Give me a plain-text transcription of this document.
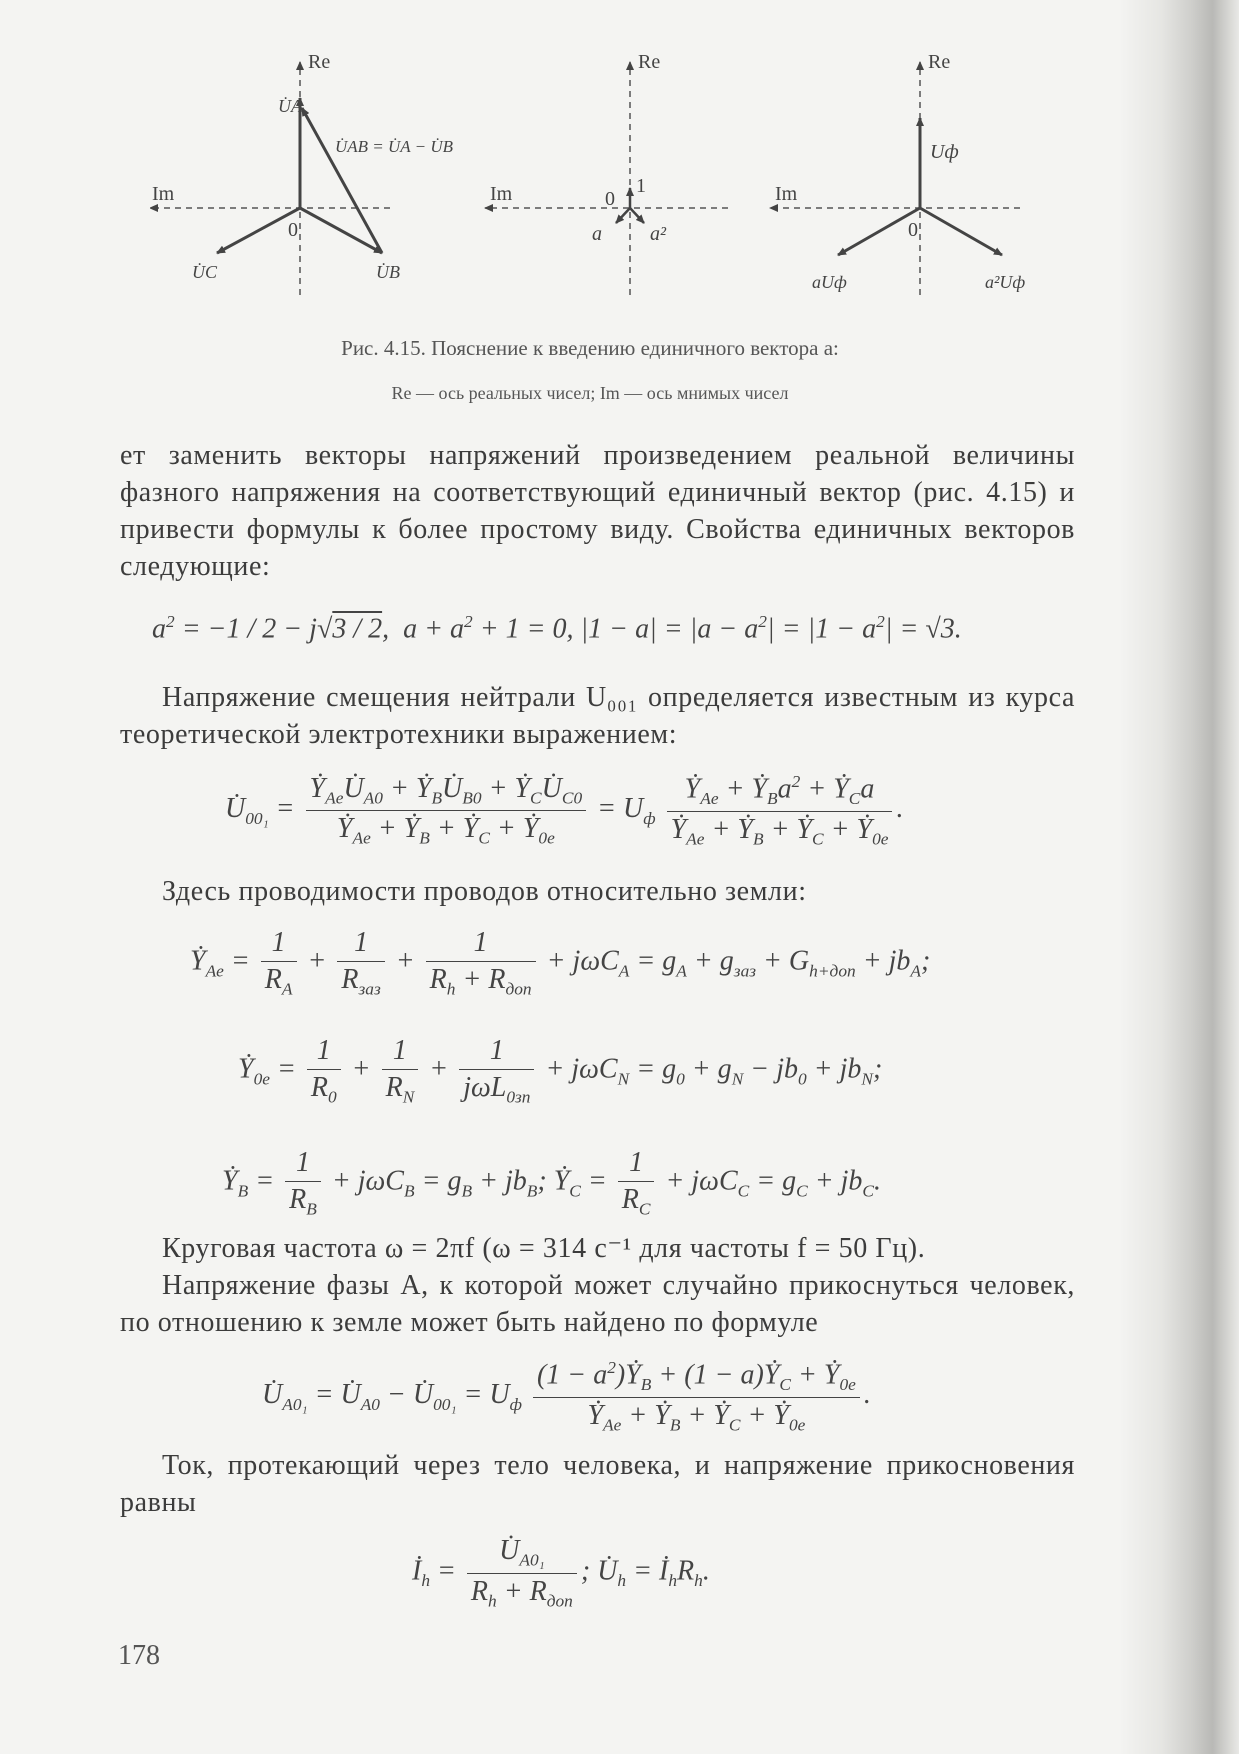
Re
Im
0
U̇A
U̇AB = U̇A − U̇B
U̇C	U̇B
Re
Im	0
1
a a²
Re
Im
0
Uф
aUф	a²Uф
Рис. 4.15. Пояснение к введению единичного вектора a:
Re — ось реальных чисел; Im — ось мнимых чисел
ет заменить векторы напряжений произведением реальной величины фазного напряжения на соответствующий единичный вектор (рис. 4.15) и привести формулы к более простому виду. Свойства единичных векторов следующие:
$a^2 = -1 / 2 - j√3 / 2$,  $a + a^2 + 1 = 0$, $|1 - a| = |a - a^2| = |1 - a^2| = √3$.
Напряжение смещения нейтрали U₀₀₁ определяется известным из курса теоретической электротехники выражением:
$U̇_{00_1} = \frac{Ẏ_{Ae}U̇_{A0} + Ẏ_BU̇_{B0} + Ẏ_CU̇_{C0}}{Ẏ_{Ae} + Ẏ_B + Ẏ_C + Ẏ_{0e}} = U_ф \frac{Ẏ_{Ae} + Ẏ_Ba^2 + Ẏ_Ca}{Ẏ_{Ae} + Ẏ_B + Ẏ_C + Ẏ_{0e}}$ .
Здесь проводимости проводов относительно земли:
Ẏ$_{Ae}$ = $\frac{1}{R_A} + \frac{1}{R_{зaз}} + \frac{1}{R_h + R_{доп}} + j\omega C_A = g_A + g_{зaз} + G_{h+доп} + jb_A$;
Ẏ$_{0e}$ = $\frac{1}{R_0} + \frac{1}{R_N} + \frac{1}{j\omega L_{0зп}} + j\omega C_N = g_0 + g_N - jb_0 + jb_N$;
Ẏ$_B$ = $\frac{1}{R_B} + j\omega C_B = g_B + jb_B$; Ẏ$_C$ = $\frac{1}{R_C} + j\omega C_C = g_C + jb_C$.
Круговая частота ω = 2πf (ω = 314 с⁻¹ для частоты f = 50 Гц).
Напряжение фазы A, к которой может случайно прикоснуться человек, по отношению к земле может быть найдено по формуле
$U̇_{A0_1}$ = $U̇_{A0}$ − $U̇_{00_1} = U_ф \frac{(1 - a^2)Ẏ_B + (1 - a)Ẏ_C + Ẏ_{0e}}{Ẏ_{Ae} + Ẏ_B + Ẏ_C + Ẏ_{0e}}$ .
Ток, протекающий через тело человека, и напряжение прикосновения равны
$İ_h = \frac{U̇_{A0_1}}{R_h + R_{доп}}$ ; $U̇_h$ = $İ_hR_h$.
178
